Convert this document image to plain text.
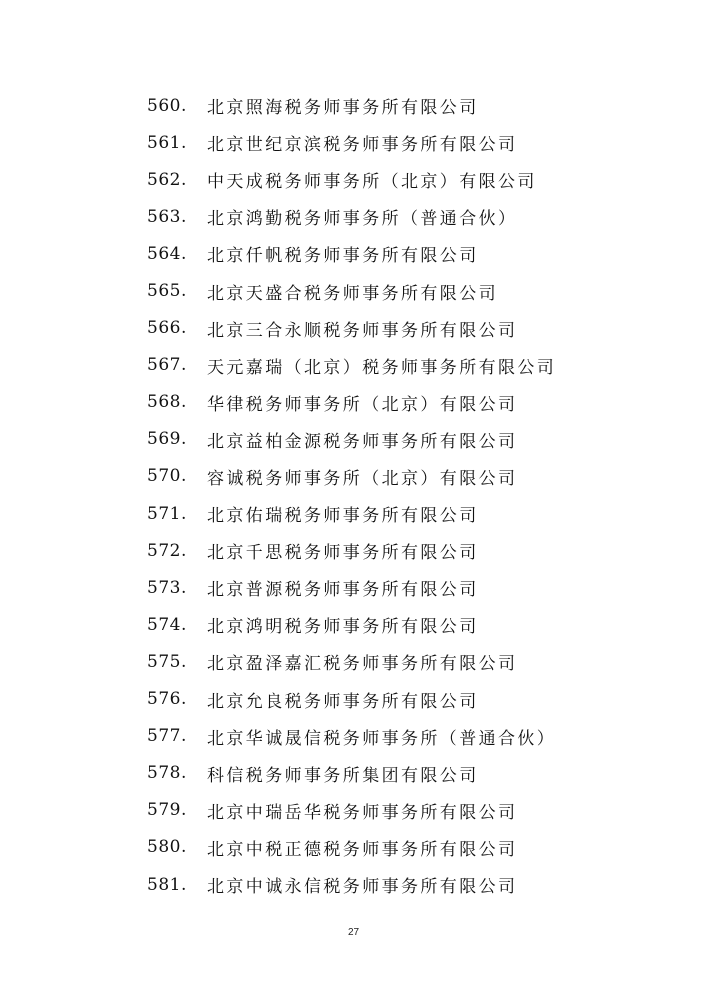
560.	北京照海税务师事务所有限公司
561.	北京世纪京滨税务师事务所有限公司
562.	中天成税务师事务所（北京）有限公司
563.	北京鸿勤税务师事务所（普通合伙）
564.	北京仟帆税务师事务所有限公司
565.	北京天盛合税务师事务所有限公司
566.	北京三合永顺税务师事务所有限公司
567.	天元嘉瑞（北京）税务师事务所有限公司
568.	华律税务师事务所（北京）有限公司
569.	北京益柏金源税务师事务所有限公司
570.	容诚税务师事务所（北京）有限公司
571.	北京佑瑞税务师事务所有限公司
572.	北京千思税务师事务所有限公司
573.	北京普源税务师事务所有限公司
574.	北京鸿明税务师事务所有限公司
575.	北京盈泽嘉汇税务师事务所有限公司
576.	北京允良税务师事务所有限公司
577.	北京华诚晟信税务师事务所（普通合伙）
578.	科信税务师事务所集团有限公司
579.	北京中瑞岳华税务师事务所有限公司
580.	北京中税正德税务师事务所有限公司
581.	北京中诚永信税务师事务所有限公司
27
